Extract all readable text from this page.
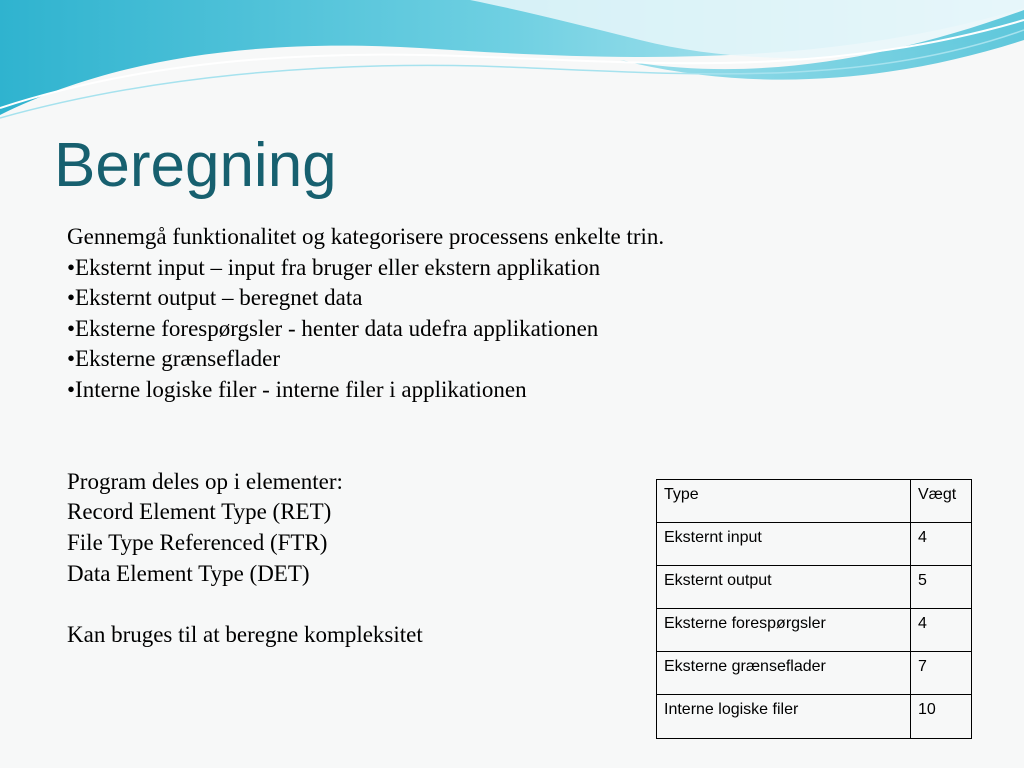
Beregning
Gennemgå funktionalitet og kategorisere processens enkelte trin.
•Eksternt input – input fra bruger eller ekstern applikation
•Eksternt output – beregnet data
•Eksterne forespørgsler - henter data udefra applikationen
•Eksterne grænseflader
•Interne logiske filer - interne filer i applikationen
Program deles op i elementer:
Record Element Type (RET)
File Type Referenced (FTR)
Data Element Type (DET)
Kan bruges til at beregne kompleksitet
Type	Vægt
Eksternt input	4
Eksternt output	5
Eksterne forespørgsler	4
Eksterne grænseflader	7
Interne logiske filer	10
